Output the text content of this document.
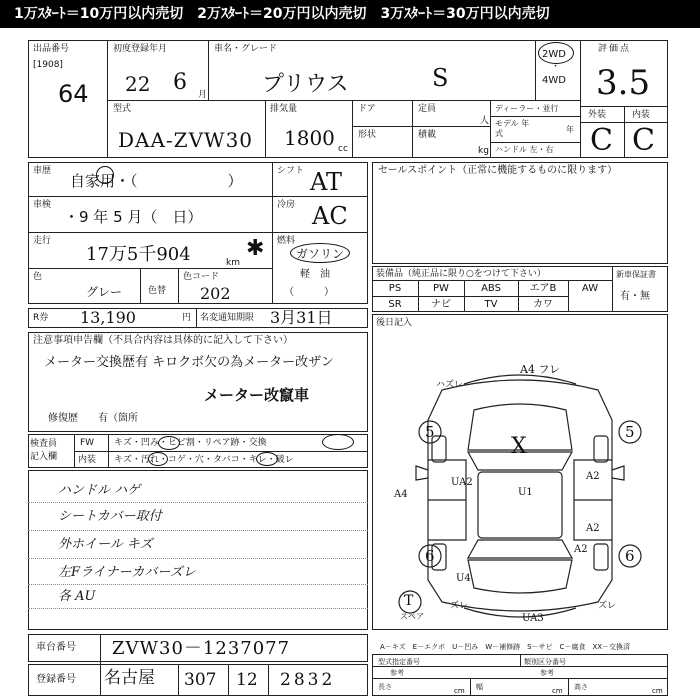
1万ｽﾀｰﾄ＝10万円以内売切　2万ｽﾀｰﾄ＝20万円以内売切　3万ｽﾀｰﾄ＝30万円以内売切
出品番号
[1908]
64
初度登録年月
22 6 月
車名・グレード
プリウス	S
2WD
・
4WD
評価点
3.5
型式
DAA-ZVW30
排気量
1800 cc
ドア
形状
定員
人
積載
kg
ディーラー・並行
モデル 年式	年
ハンドル 左・右
外装	内装
C C
車歴
自家用・（　　　　　　）
シフト AT
車検
・9 年 5 月（　日）
冷房 AC
走行
17万5千904	km
✱ 燃料
ガソリン
軽　油
（　　　）
色
グレー	色替
色コード
202
R券 13,190	円 名変通知期限 3月31日
注意事項申告欄（不具合内容は具体的に記入して下さい）
メーター交換歴有 キロクボ欠の為メーター改ザン
メーター改竄車
修復歴　　有（箇所
セールスポイント（正常に機能するものに限ります）
装備品（純正品に限り○をつけて下さい）	新車保証書
有・無
PS	PW	ABS	エアB	AW
SR	ナビ	TV	カワ
後日記入
検査員 記入欄
FW キズ・凹み・ヒビ割・リペア跡・交換
内装 キズ・汚れ・コゲ・穴・タバコ・キレ・破レ
ハンドル ハゲ
シートカバー取付
外ホイール キズ
左Fライナーカバーズレ
各 AU
車台番号 ZVW30－1237077
登録番号 名古屋 307 12 2832
A4 フレ
ハズレ
5	5
6	6
X
UA2
A2
A4	U1
A2
A2
U4
T
スペア
ズレ	ズレ
UA3
A－キズ　E－エクボ　U－凹み　W－補修跡　S－サビ　C－腐食　XX－交換済
型式指定番号	類別区分番号
参考	参考
長さ	cm 幅	cm 高さ	cm
